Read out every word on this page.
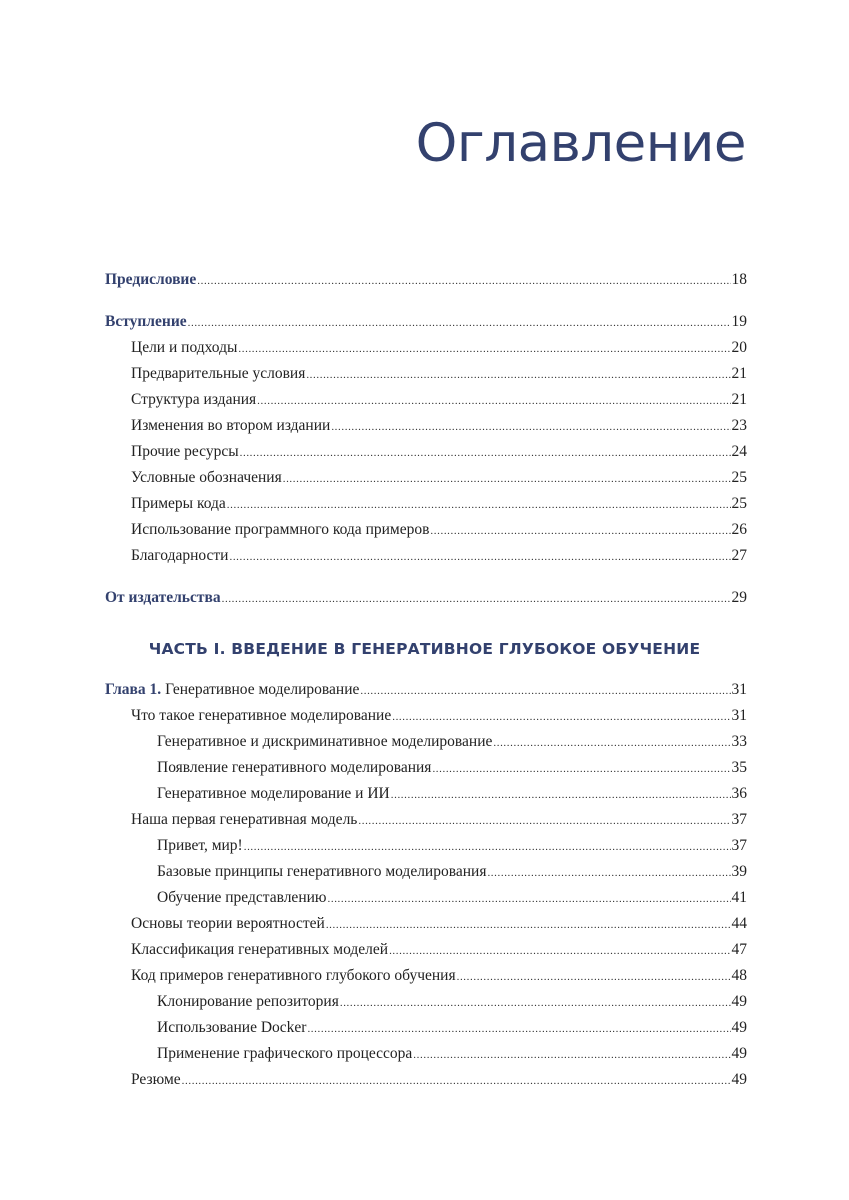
Оглавление
Предисловие .....	18
Вступление .....	19
Цели и подходы .....	20
Предварительные условия .....	21
Структура издания .....	21
Изменения во втором издании .....	23
Прочие ресурсы .....	24
Условные обозначения .....	25
Примеры кода .....	25
Использование программного кода примеров .....	26
Благодарности .....	27
От издательства .....	29
Глава 1. Генеративное моделирование .....	31
Что такое генеративное моделирование .....	31
Генеративное и дискриминативное моделирование .....	33
Появление генеративного моделирования .....	35
Генеративное моделирование и ИИ .....	36
Наша первая генеративная модель .....	37
Привет, мир! .....	37
Базовые принципы генеративного моделирования .....	39
Обучение представлению .....	41
Основы теории вероятностей .....	44
Классификация генеративных моделей .....	47
Код примеров генеративного глубокого обучения .....	48
Клонирование репозитория .....	49
Использование Docker .....	49
Применение графического процессора .....	49
Резюме .....	49
ЧАСТЬ I. ВВЕДЕНИЕ В ГЕНЕРАТИВНОЕ ГЛУБОКОЕ ОБУЧЕНИЕ
